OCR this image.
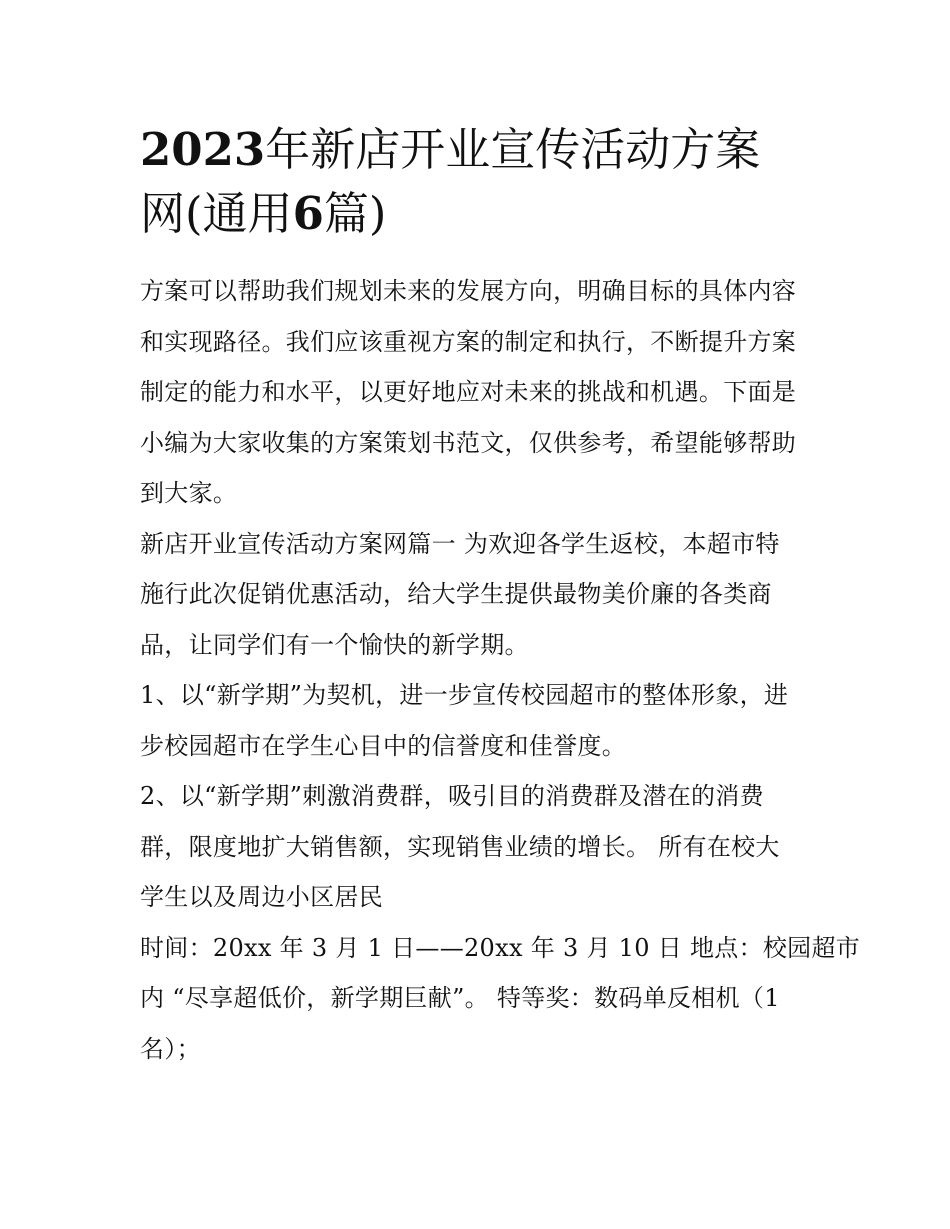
2023年新店开业宣传活动方案
网(通用6篇)

方案可以帮助我们规划未来的发展方向，明确目标的具体内容
和实现路径。我们应该重视方案的制定和执行，不断提升方案
制定的能力和水平，以更好地应对未来的挑战和机遇。下面是
小编为大家收集的方案策划书范文，仅供参考，希望能够帮助
到大家。

新店开业宣传活动方案网篇一 为欢迎各学生返校，本超市特
施行此次促销优惠活动，给大学生提供最物美价廉的各类商
品，让同学们有一个愉快的新学期。

1、以“新学期”为契机，进一步宣传校园超市的整体形象，进
步校园超市在学生心目中的信誉度和佳誉度。

2、以“新学期”刺激消费群，吸引目的消费群及潜在的消费
群，限度地扩大销售额，实现销售业绩的增长。 所有在校大
学生以及周边小区居民

时间：20xx 年 3 月 1 日——20xx 年 3 月 10 日 地点：校园超市
内 “尽享超低价，新学期巨献”。 特等奖：数码单反相机（1
名）；
